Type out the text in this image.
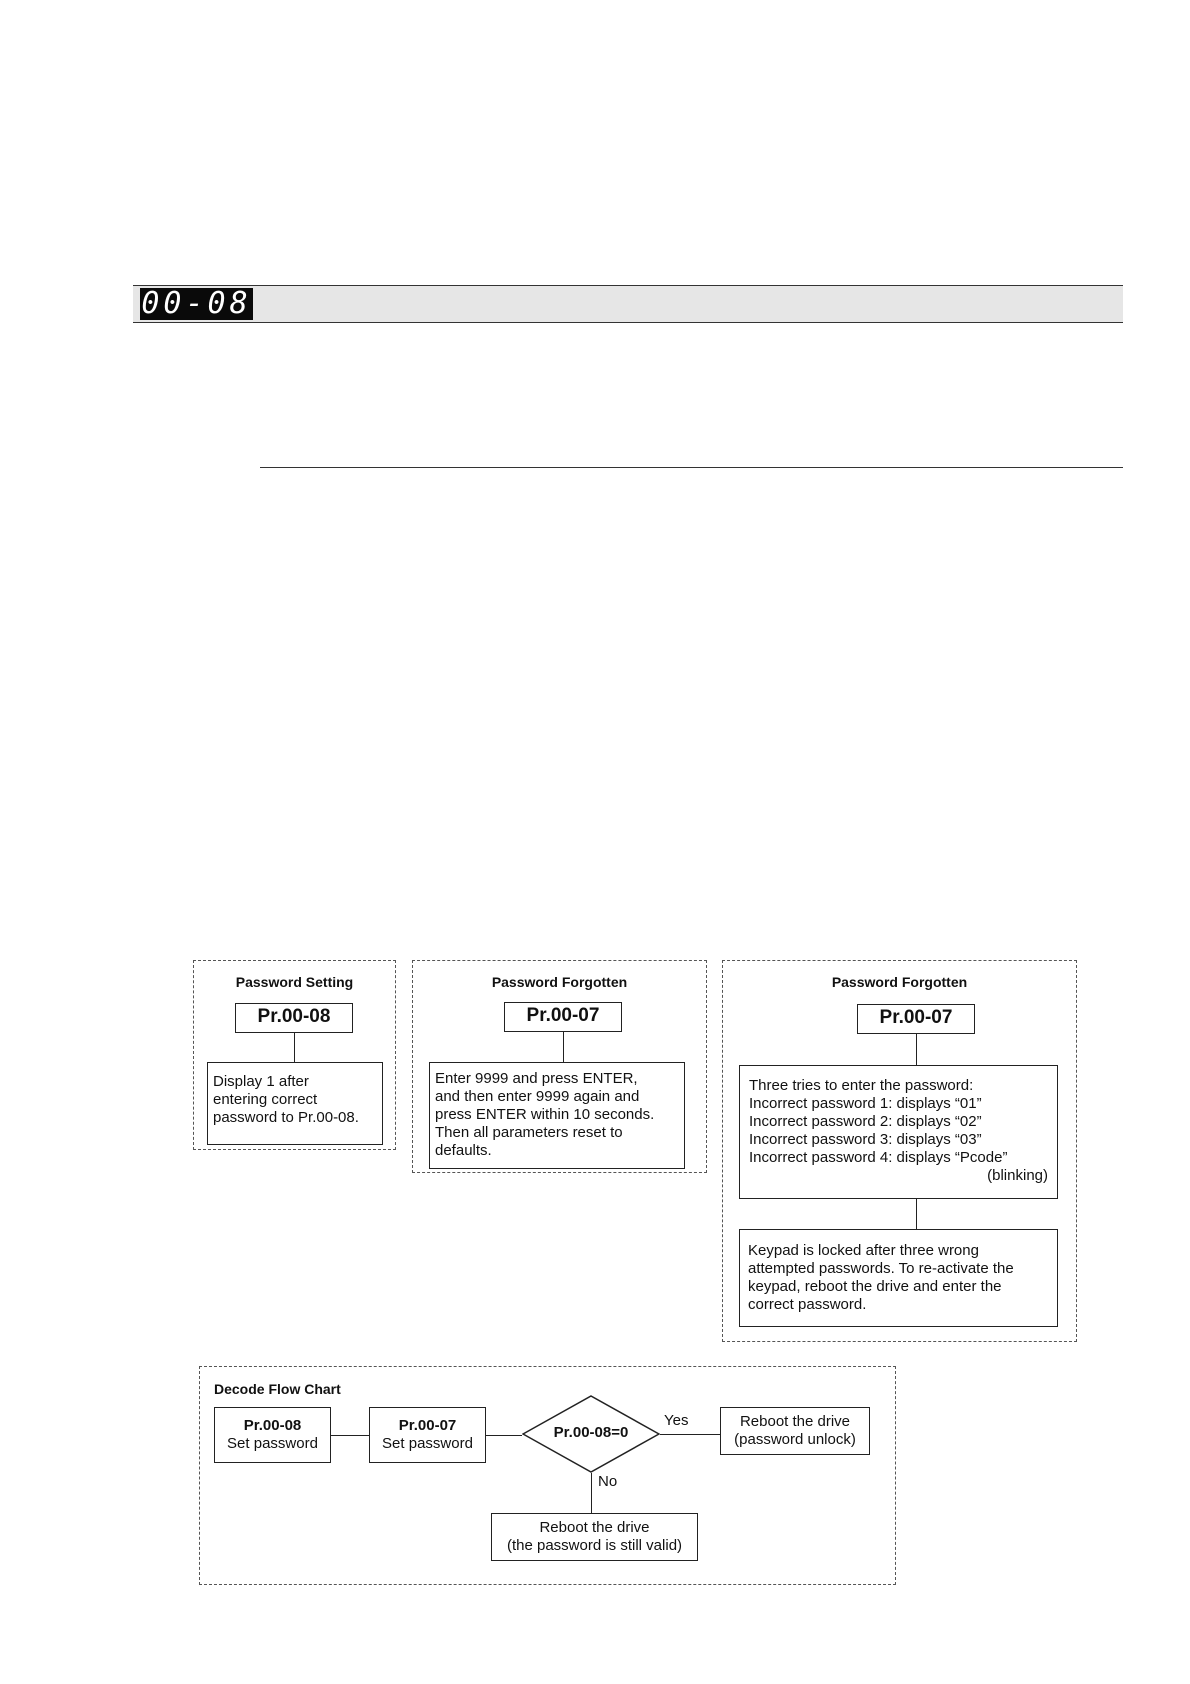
00-08
Password Setting
Pr.00-08
Display 1 after
entering correct
password to Pr.00-08.
Password Forgotten
Pr.00-07
Enter 9999 and press ENTER,
and then enter 9999 again and
press ENTER within 10 seconds.
Then all parameters reset to
defaults.
Password Forgotten
Pr.00-07
Three tries to enter the password:
Incorrect password 1: displays “01”
Incorrect password 2: displays “02”
Incorrect password 3: displays “03”
Incorrect password 4: displays “Pcode”
(blinking)
Keypad is locked after three wrong
attempted passwords. To re-activate the
keypad, reboot the drive and enter the
correct password.
Decode Flow Chart
Pr.00-08
Set password
Pr.00-07
Set password
Pr.00-08=0
Yes	Reboot the drive
(password unlock)
No
Reboot the drive
(the password is still valid)
